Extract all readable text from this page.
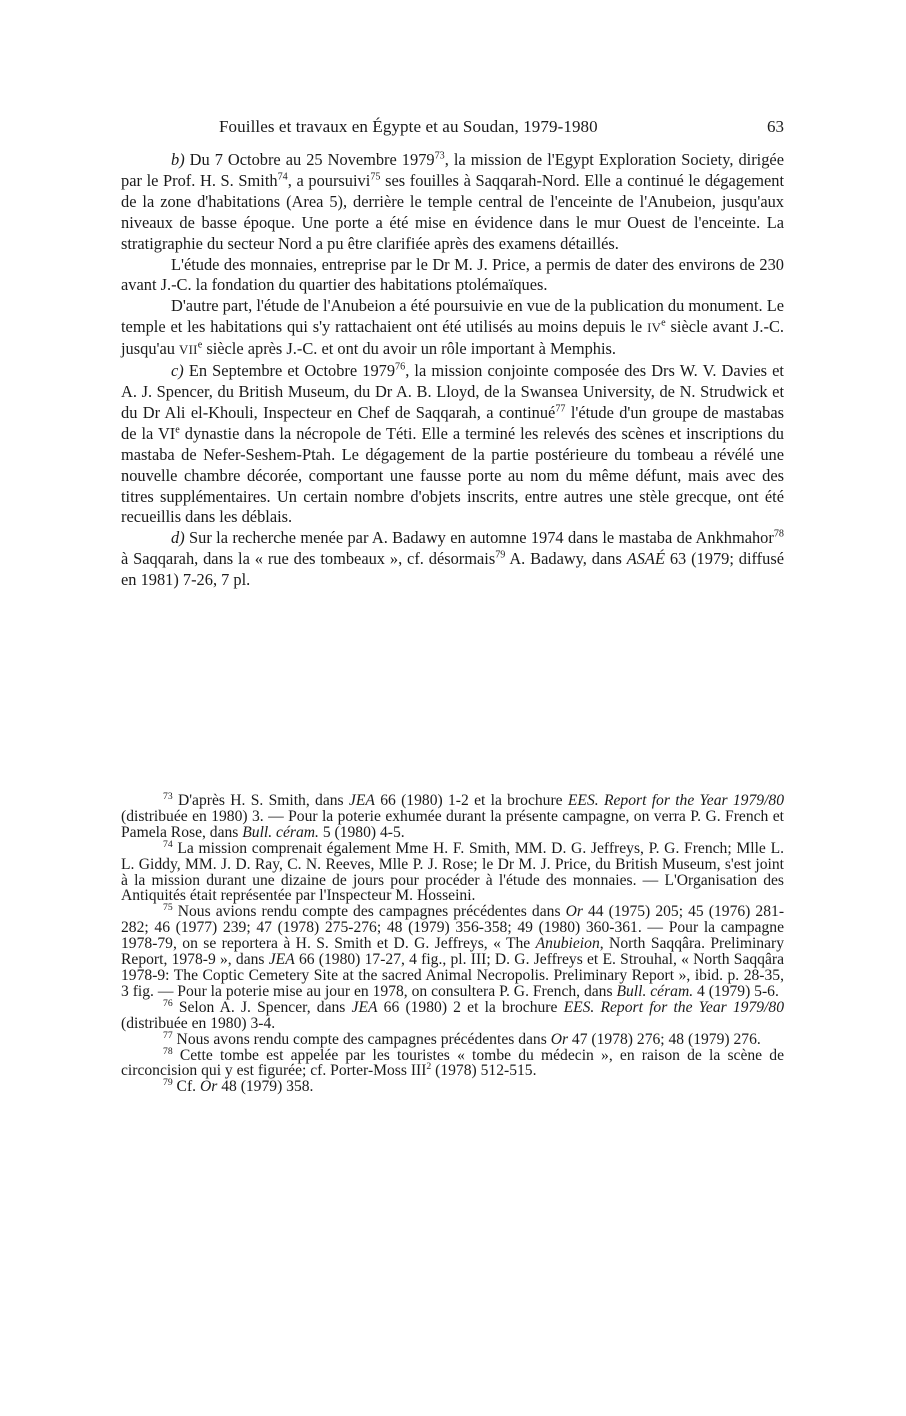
Fouilles et travaux en Égypte et au Soudan, 1979-1980	63

b) Du 7 Octobre au 25 Novembre 1979$^{73}$, la mission de l'Egypt Exploration Society, dirigée par le Prof. H. S. Smith$^{74}$, a poursuivi$^{75}$ ses fouilles à Saqqarah-Nord. Elle a continué le dégagement de la zone d'habitations (Area 5), derrière le temple central de l'enceinte de l'Anubeion, jusqu'aux niveaux de basse époque. Une porte a été mise en évidence dans le mur Ouest de l'enceinte. La stratigraphie du secteur Nord a pu être clarifiée après des examens détaillés.

L'étude des monnaies, entreprise par le Dr M. J. Price, a permis de dater des environs de 230 avant J.-C. la fondation du quartier des habitations ptolémaïques.

D'autre part, l'étude de l'Anubeion a été poursuivie en vue de la publication du monument. Le temple et les habitations qui s'y rattachaient ont été utilisés au moins depuis le IVe siècle avant J.-C. jusqu'au VIIe siècle après J.-C. et ont du avoir un rôle important à Memphis.

c) En Septembre et Octobre 1979$^{76}$, la mission conjointe composée des Drs W. V. Davies et A. J. Spencer, du British Museum, du Dr A. B. Lloyd, de la Swansea University, de N. Strudwick et du Dr Ali el-Khouli, Inspecteur en Chef de Saqqarah, a continué$^{77}$ l'étude d'un groupe de mastabas de la VIe dynastie dans la nécropole de Téti. Elle a terminé les relevés des scènes et inscriptions du mastaba de Nefer-Seshem-Ptah. Le dégagement de la partie postérieure du tombeau a révélé une nouvelle chambre décorée, comportant une fausse porte au nom du même défunt, mais avec des titres supplémentaires. Un certain nombre d'objets inscrits, entre autres une stèle grecque, ont été recueillis dans les déblais.

d) Sur la recherche menée par A. Badawy en automne 1974 dans le mastaba de Ankhmahor$^{78}$ à Saqqarah, dans la « rue des tombeaux », cf. désormais$^{79}$ A. Badawy, dans ASAÉ 63 (1979; diffusé en 1981) 7-26, 7 pl.

$^{73}$ D'après H. S. Smith, dans JEA 66 (1980) 1-2 et la brochure EES. Report for the Year 1979/80 (distribuée en 1980) 3. — Pour la poterie exhumée durant la présente campagne, on verra P. G. French et Pamela Rose, dans Bull. céram. 5 (1980) 4-5.

$^{74}$ La mission comprenait également Mme H. F. Smith, MM. D. G. Jeffreys, P. G. French; Mlle L. L. Giddy, MM. J. D. Ray, C. N. Reeves, Mlle P. J. Rose; le Dr M. J. Price, du British Museum, s'est joint à la mission durant une dizaine de jours pour procéder à l'étude des monnaies. — L'Organisation des Antiquités était représentée par l'Inspecteur M. Hosseini.

$^{75}$ Nous avions rendu compte des campagnes précédentes dans Or 44 (1975) 205; 45 (1976) 281-282; 46 (1977) 239; 47 (1978) 275-276; 48 (1979) 356-358; 49 (1980) 360-361. — Pour la campagne 1978-79, on se reportera à H. S. Smith et D. G. Jeffreys, « The Anubieion, North Saqqâra. Preliminary Report, 1978-9 », dans JEA 66 (1980) 17-27, 4 fig., pl. III; D. G. Jeffreys et E. Strouhal, « North Saqqâra 1978-9: The Coptic Cemetery Site at the sacred Animal Necropolis. Preliminary Report », ibid. p. 28-35, 3 fig. — Pour la poterie mise au jour en 1978, on consultera P. G. French, dans Bull. céram. 4 (1979) 5-6.

$^{76}$ Selon A. J. Spencer, dans JEA 66 (1980) 2 et la brochure EES. Report for the Year 1979/80 (distribuée en 1980) 3-4.

$^{77}$ Nous avons rendu compte des campagnes précédentes dans Or 47 (1978) 276; 48 (1979) 276.

$^{78}$ Cette tombe est appelée par les touristes « tombe du médecin », en raison de la scène de circoncision qui y est figurée; cf. Porter-Moss III$^2$ (1978) 512-515.

$^{79}$ Cf. Or 48 (1979) 358.
